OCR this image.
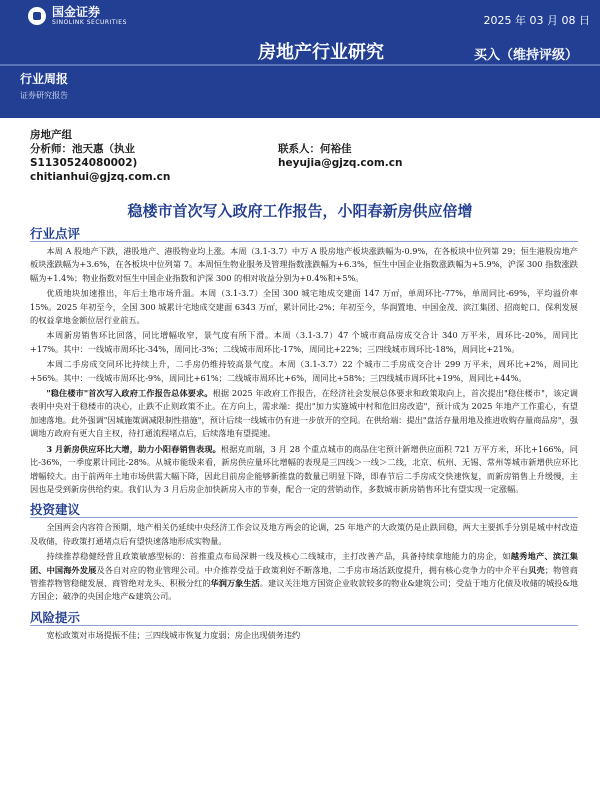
国金证券
SINOLINK SECURITIES	2025 年 03 月 08 日
房地产行业研究	买入（维持评级）
行业周报
证券研究报告
房地产组
分析师：池天惠（执业
S1130524080002)
chitianhui@gjzq.com.cn
联系人：何裕佳
heyujia@gjzq.com.cn
稳楼市首次写入政府工作报告，小阳春新房供应倍增
行业点评

本周 A 股地产下跌，港股地产、港股物业均上涨。本周（3.1-3.7）中万 A 股房地产板块涨跌幅为-0.9%，在各板块中位列第 29；恒生港股房地产板块涨跌幅为+3.6%，在各板块中位列第 7。本周恒生物业服务及管理指数涨跌幅为+6.3%，恒生中国企业指数涨跌幅为+5.9%，沪深 300 指数涨跌幅为+1.4%；物业指数对恒生中国企业指数和沪深 300 的相对收益分别为+0.4%和+5%。

优质地块加速推出，年后土地市场升温。本周（3.1-3.7）全国 300 城宅地成交建面 147 万㎡，单周环比-77%，单周同比-69%，平均溢价率 15%。2025 年初至今，全国 300 城累计宅地成交建面 6343 万㎡，累计同比-2%；年初至今，华润置地、中国金茂、滨江集团、招商蛇口、保利发展的权益拿地金额位居行业前五。

本周新房销售环比回落，同比增幅收窄，景气度有所下滑。本周（3.1-3.7）47 个城市商品房成交合计 340 万平米，周环比-20%，周同比+17%。其中：一线城市周环比-34%，周同比-3%；二线城市周环比-17%，周同比+22%；三四线城市周环比-18%，周同比+21%。

本周二手房成交同环比持续上升，二手房仍维持较高景气度。本周（3.1-3.7）22 个城市二手房成交合计 299 万平米，周环比+2%，周同比+56%。其中：一线城市周环比-9%，周同比+61%；二线城市周环比+6%，周同比+58%；三四线城市周环比+19%，周同比+44%。

"稳住楼市"首次写入政府工作报告总体要求。根据 2025 年政府工作报告，在经济社会发展总体要求和政策取向上，首次提出"稳住楼市"，该定调表明中央对于稳楼市的决心，止跌不止则政策不止。在方向上，需求端：提出"加力实施城中村和危旧房改造"，预计成为 2025 年地产工作重心，有望加速落地。此外强调"因城施策调减限制性措施"，预计后续一线城市仍有进一步放开的空间。在供给端：提出"盘活存量用地及推进收购存量商品房"，强调地方政府有更大自主权，待打通流程堵点后，后续落地有望提速。

3 月新房供应环比大增，助力小阳春销售表现。根据克而瑞，3 月 28 个重点城市的商品住宅预计新增供应面积 721 万平方米，环比+166%，同比-36%，一季度累计同比-28%。从城市能级来看，新房供应量环比增幅的表现是三四线＞一线＞二线，北京、杭州、无锡、常州等城市新增供应环比增幅较大。由于前两年土地市场供需大幅下降，因此目前房企能够新推盘的数量已明显下降，即春节后二手房成交快速恢复，而新房销售上升缓慢，主因也是受到新房供给约束。我们认为 3 月后房企加快新房入市的节奏，配合一定的营销动作，多数城市新房销售环比有望实现一定涨幅。

投资建议

全国两会内容符合预期，地产相关仍延续中央经济工作会议及地方两会的论调，25 年地产的大政策仍是止跌回稳，两大主要抓手分别是城中村改造及收储，待政策打通堵点后有望快速落地形成实物量。

持续推荐稳健经营且政策敏感型标的：首推重点布局深耕一线及核心二线城市，主打改善产品，具备持续拿地能力的房企，如越秀地产、滨江集团、中国海外发展及各自对应的物业管理公司。中介推荐受益于政策利好不断落地，二手房市场活跃度提升，拥有核心竞争力的中介平台贝壳；物管商管推荐物管稳健发展、商管绝对龙头、积极分红的华润万象生活。建议关注地方国资企业收款较多的物业&建筑公司；受益于地方化债及收储的城投&地方国企；破净的央国企地产&建筑公司。

风险提示

宽松政策对市场提振不佳；三四线城市恢复力度弱；房企出现债务违约
